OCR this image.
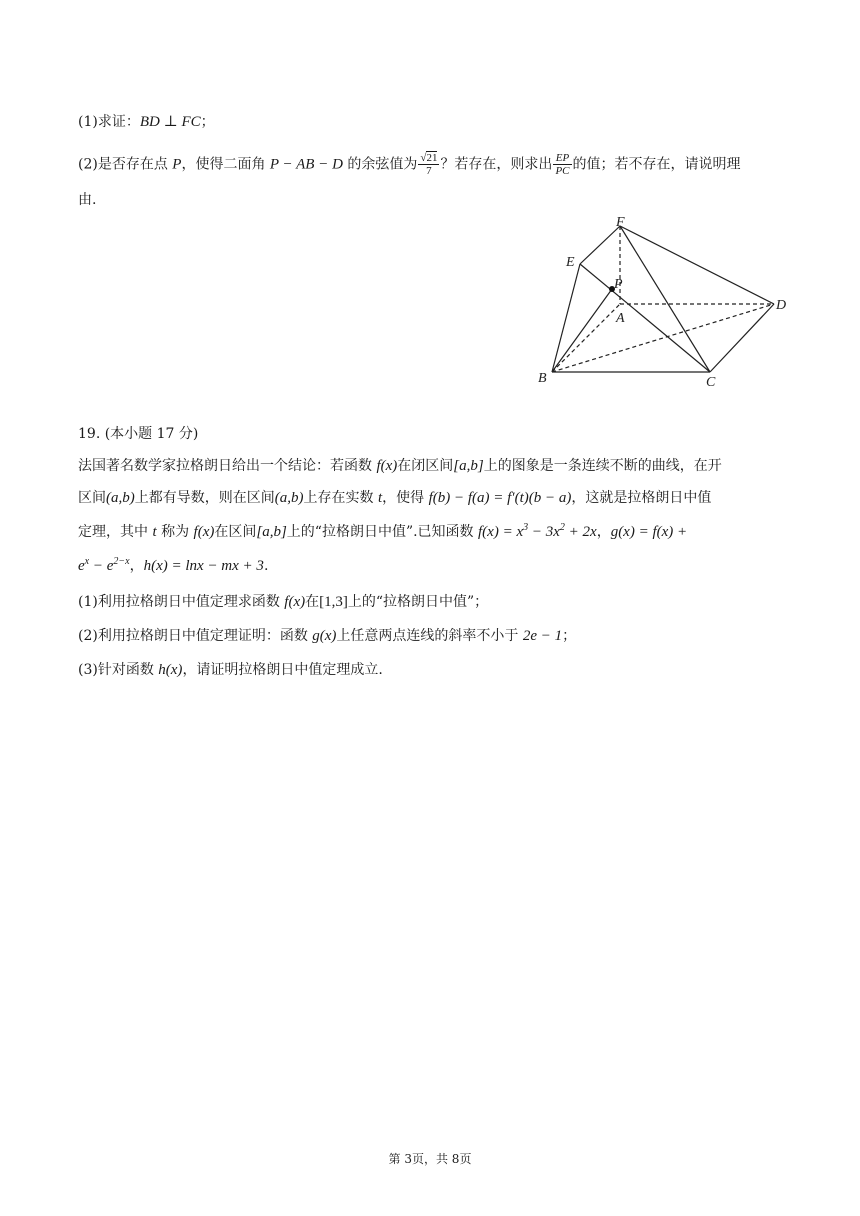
(1)求证：BD ⊥ FC；
(2)是否存在点 P，使得二面角 P − AB − D 的余弦值为 $\frac{√21}{7}$ ？若存在，则求出 $\frac{EP}{PC}$ 的值；若不存在，请说明理
由.
F
E
P
A
D
B	C
19. (本小题 17 分)
法国著名数学家拉格朗日给出一个结论：若函数 f(x)在闭区间[a,b]上的图象是一条连续不断的曲线，在开
区间(a,b)上都有导数，则在区间(a,b)上存在实数 t，使得 f(b) − f(a) = f′(t)(b − a)，这就是拉格朗日中值
定理，其中 t 称为 f(x)在区间[a,b]上的“拉格朗日中值”.已知函数 $f(x) = x^3 - 3x^2 + 2x$，g(x) = f(x) +
$e^x - e^{2-x}$，h(x) = lnx − mx + 3.
(1)利用拉格朗日中值定理求函数 f(x)在[1,3]上的“拉格朗日中值”；
(2)利用拉格朗日中值定理证明：函数 g(x)上任意两点连线的斜率不小于 2e − 1；
(3)针对函数 h(x)，请证明拉格朗日中值定理成立.
第 3页，共 8页
